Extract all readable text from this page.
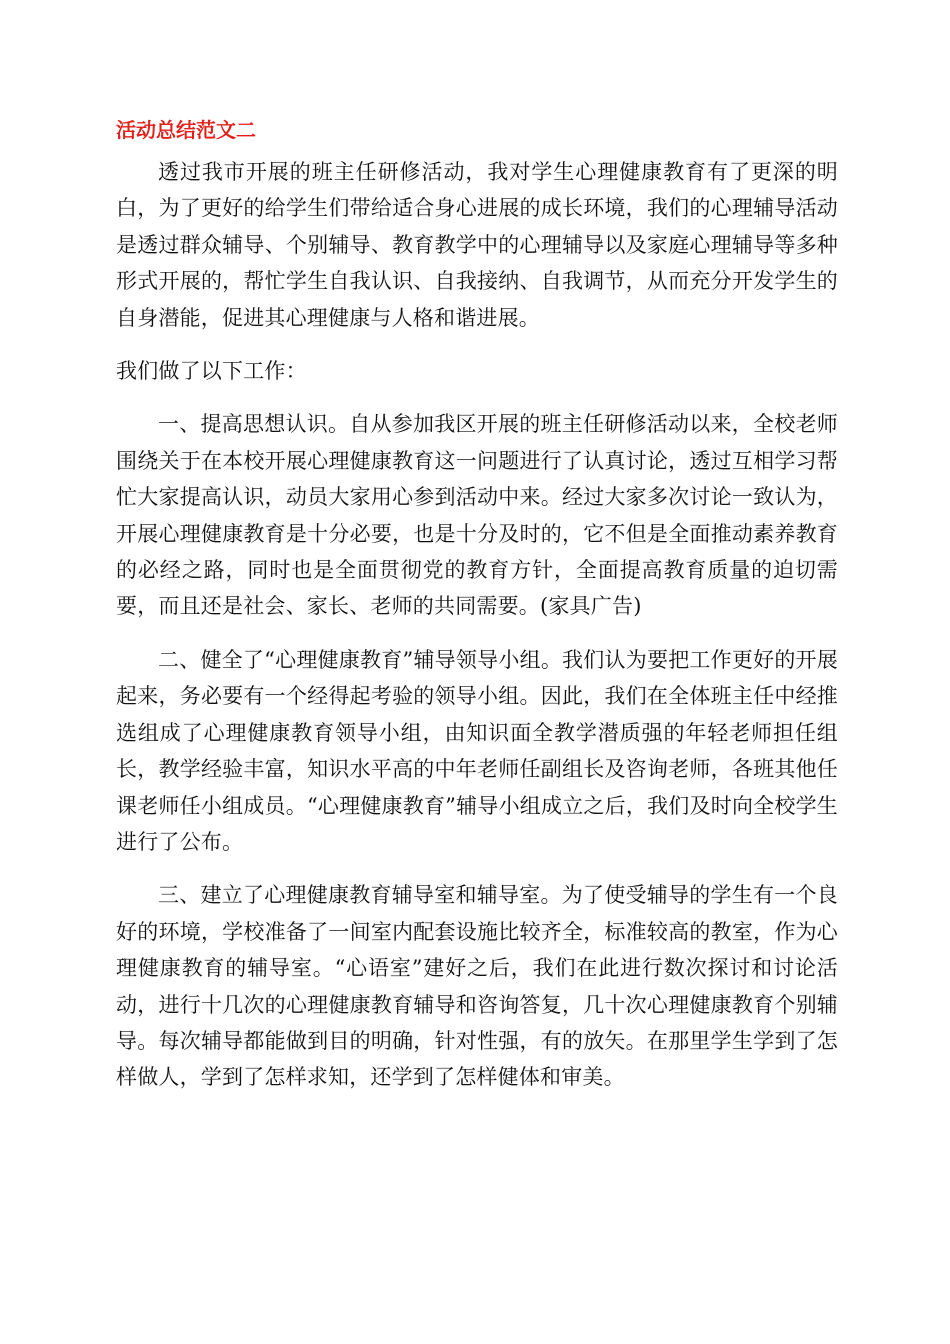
活动总结范文二

透过我市开展的班主任研修活动，我对学生心理健康教育有了更深的明白，为了更好的给学生们带给适合身心进展的成长环境，我们的心理辅导活动是透过群众辅导、个别辅导、教育教学中的心理辅导以及家庭心理辅导等多种形式开展的，帮忙学生自我认识、自我接纳、自我调节，从而充分开发学生的自身潜能，促进其心理健康与人格和谐进展。

我们做了以下工作：

一、提高思想认识。自从参加我区开展的班主任研修活动以来，全校老师围绕关于在本校开展心理健康教育这一问题进行了认真讨论，透过互相学习帮忙大家提高认识，动员大家用心参到活动中来。经过大家多次讨论一致认为，开展心理健康教育是十分必要，也是十分及时的，它不但是全面推动素养教育的必经之路，同时也是全面贯彻党的教育方针，全面提高教育质量的迫切需要，而且还是社会、家长、老师的共同需要。(家具广告)

二、健全了“心理健康教育”辅导领导小组。我们认为要把工作更好的开展起来，务必要有一个经得起考验的领导小组。因此，我们在全体班主任中经推选组成了心理健康教育领导小组，由知识面全教学潜质强的年轻老师担任组长，教学经验丰富，知识水平高的中年老师任副组长及咨询老师，各班其他任课老师任小组成员。“心理健康教育”辅导小组成立之后，我们及时向全校学生进行了公布。

三、建立了心理健康教育辅导室和辅导室。为了使受辅导的学生有一个良好的环境，学校准备了一间室内配套设施比较齐全，标准较高的教室，作为心理健康教育的辅导室。“心语室”建好之后，我们在此进行数次探讨和讨论活动，进行十几次的心理健康教育辅导和咨询答复，几十次心理健康教育个别辅导。每次辅导都能做到目的明确，针对性强，有的放矢。在那里学生学到了怎样做人，学到了怎样求知，还学到了怎样健体和审美。
